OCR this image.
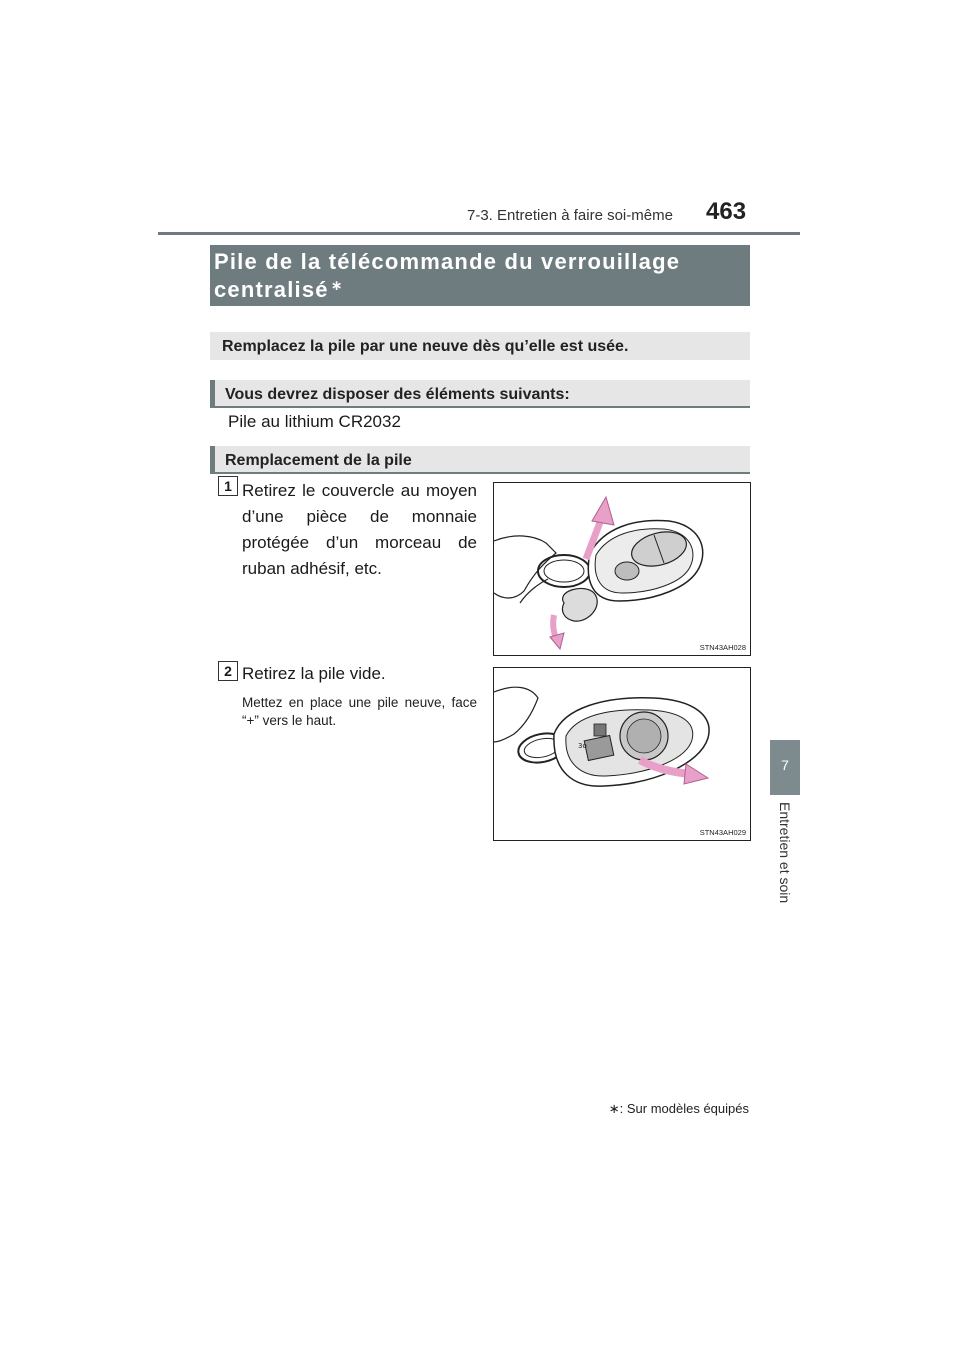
7-3. Entretien à faire soi-même 463
7
Entretien et soin
Pile de la télécommande du verrouillage
centralisé ∗
Remplacez la pile par une neuve dès qu’elle est usée.
Vous devrez disposer des éléments suivants:
Pile au lithium CR2032
Remplacement de la pile
1 Retirez le couvercle au moyen d’une pièce de monnaie protégée d’un morceau de ruban adhésif, etc.
STN43AH028
2 Retirez la pile vide.
Mettez en place une pile neuve, face “+” vers le haut.
3o
STN43AH029
∗: Sur modèles équipés
